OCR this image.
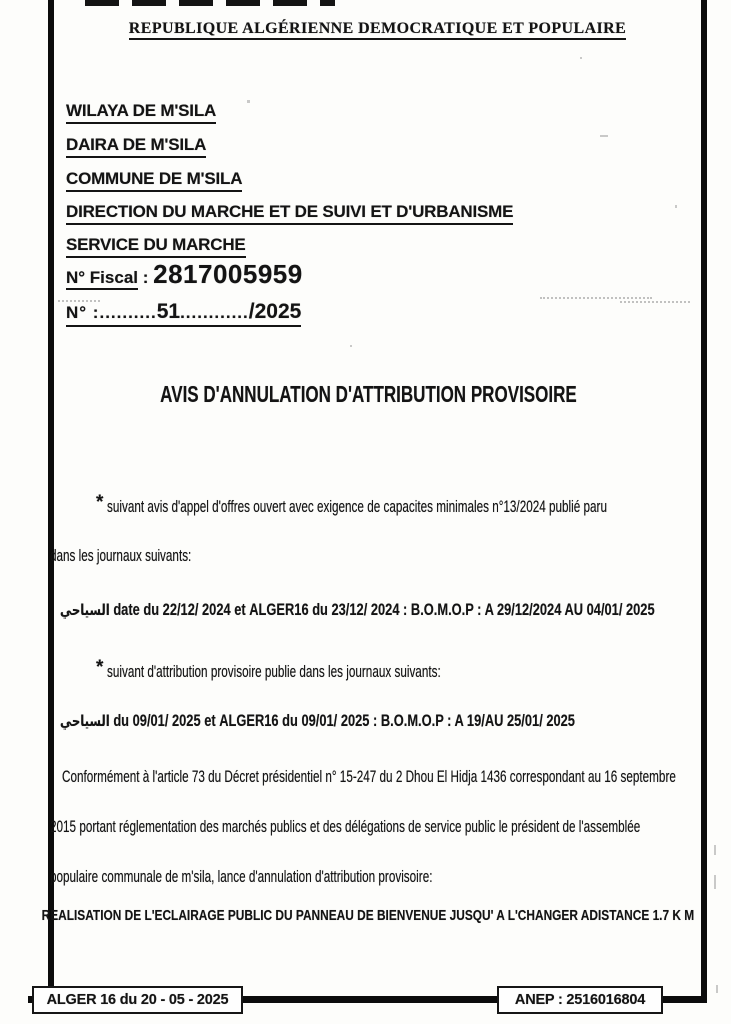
REPUBLIQUE ALGÉRIENNE DEMOCRATIQUE ET POPULAIRE
WILAYA DE M'SILA
DAIRA DE M'SILA
COMMUNE DE M'SILA
DIRECTION DU MARCHE ET DE SUIVI ET D'URBANISME
SERVICE DU MARCHE
N° Fiscal : 2817005959
N° :..........51............/2025
AVIS D'ANNULATION D'ATTRIBUTION PROVISOIRE
* suivant avis d'appel d'offres ouvert avec exigence de capacites minimales n°13/2024 publié paru
dans les journaux suivants:
السياحي date du 22/12/ 2024 et ALGER16 du 23/12/ 2024 : B.O.M.O.P : A 29/12/2024 AU 04/01/ 2025
* suivant d'attribution provisoire publie dans les journaux suivants:
السياحي du 09/01/ 2025 et ALGER16 du 09/01/ 2025 : B.O.M.O.P : A 19/AU 25/01/ 2025
Conformément à l'article 73 du Décret présidentiel n° 15-247 du 2 Dhou El Hidja 1436 correspondant au 16 septembre
2015 portant réglementation des marchés publics et des délégations de service public le président de l'assemblée
populaire communale de m'sila, lance d'annulation d'attribution provisoire:
REALISATION DE L'ECLAIRAGE PUBLIC DU PANNEAU DE BIENVENUE JUSQU' A L'CHANGER ADISTANCE 1.7 K M
ALGER 16 du 20 - 05 - 2025	ANEP : 2516016804
